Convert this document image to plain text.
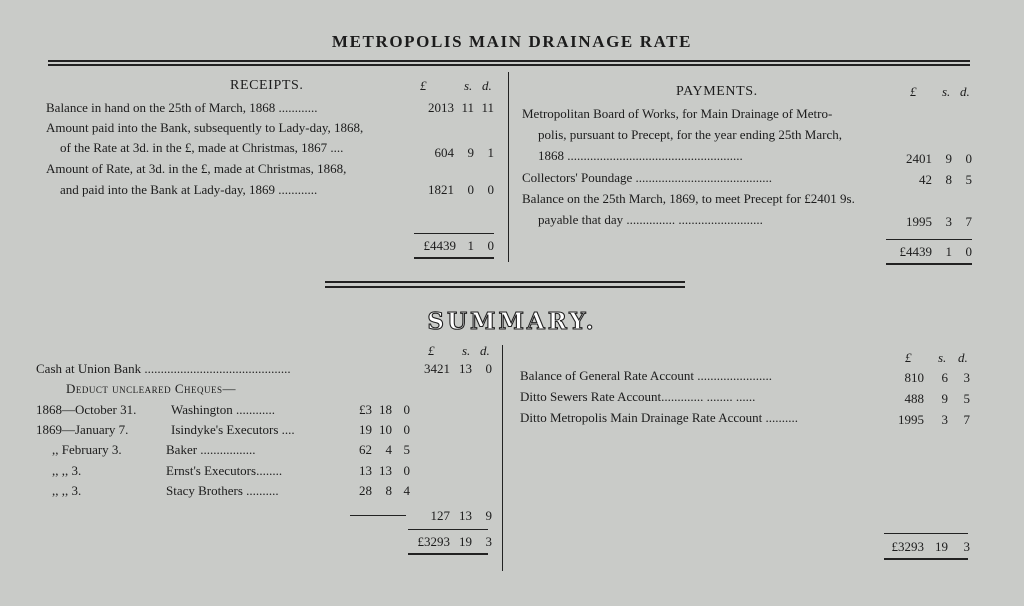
METROPOLIS MAIN DRAINAGE RATE
RECEIPTS.	£	s. d.
Balance in hand on the 25th of March, 1868 ............	2013 11 11
Amount paid into the Bank, subsequently to Lady-day, 1868,
of the Rate at 3d. in the £, made at Christmas, 1867 ....	604	9	1
Amount of Rate, at 3d. in the £, made at Christmas, 1868,
and paid into the Bank at Lady-day, 1869 ............	1821	0	0
£4439 1	0
PAYMENTS.	£ s. d.
Metropolitan Board of Works, for Main Drainage of Metro-
polis, pursuant to Precept, for the year ending 25th March,
1868 ......................................................	2401	9	0
Collectors' Poundage ..........................................	42	8	5
Balance on the 25th March, 1869, to meet Precept for £2401 9s.
payable that day ............... ..........................	1995	3	7
£4439	1	0
SUMMARY.
£ s. d.
Cash at Union Bank .............................................	3421 13	0
Deduct uncleared Cheques—
1868—October 31.	Washington ............	£3 18 0
1869—January 7.	Isindyke's Executors ....	19 10 0
,, February 3.	Baker .................	62	4 5
,, ,, 3.	Ernst's Executors........	13 13 0
,, ,, 3.	Stacy Brothers ..........	28	8 4
127 13	9
£3293 19	3
£ s. d.
Balance of General Rate Account .......................	810	6	3
Ditto Sewers Rate Account............. ........ ......	488	9	5
Ditto Metropolis Main Drainage Rate Account ..........	1995	3	7
£3293 19	3
